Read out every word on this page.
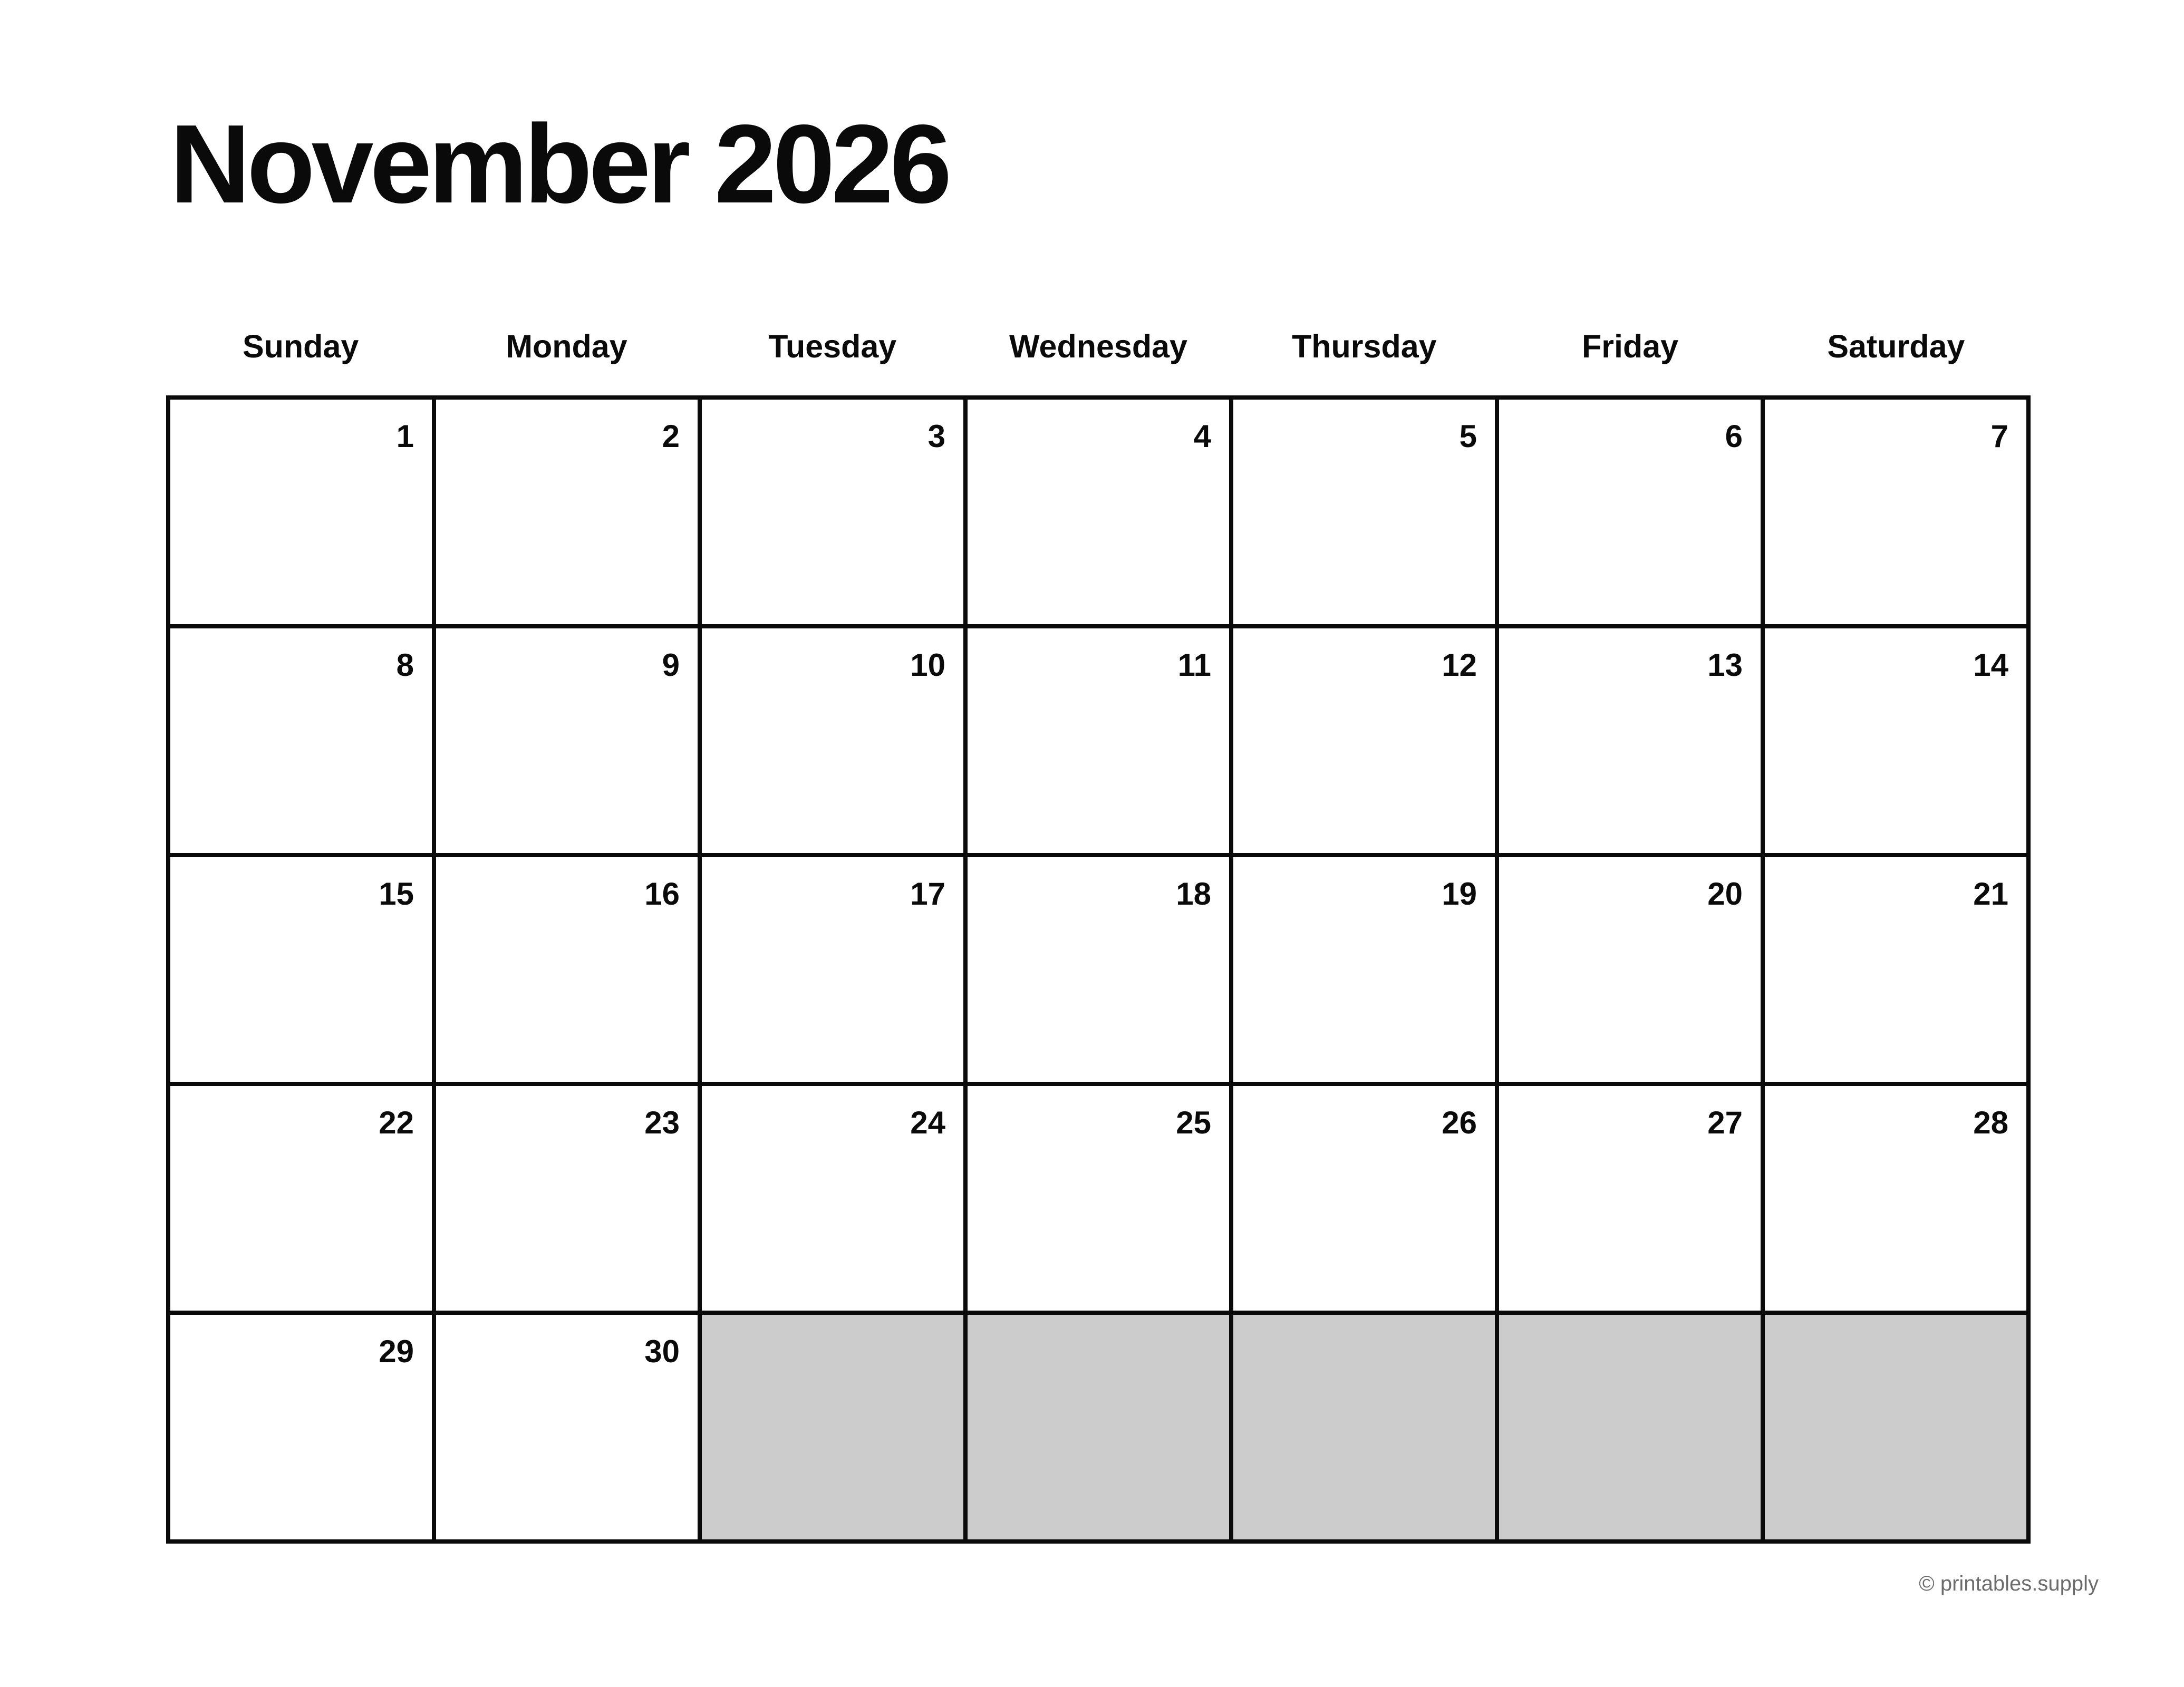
November 2026
Sunday	Monday	Tuesday	Wednesday	Thursday	Friday	Saturday
1	2	3	4	5	6	7
8	9	10	11	12	13	14
15	16	17	18	19	20	21
22	23	24	25	26	27	28
29	30
© printables.supply
